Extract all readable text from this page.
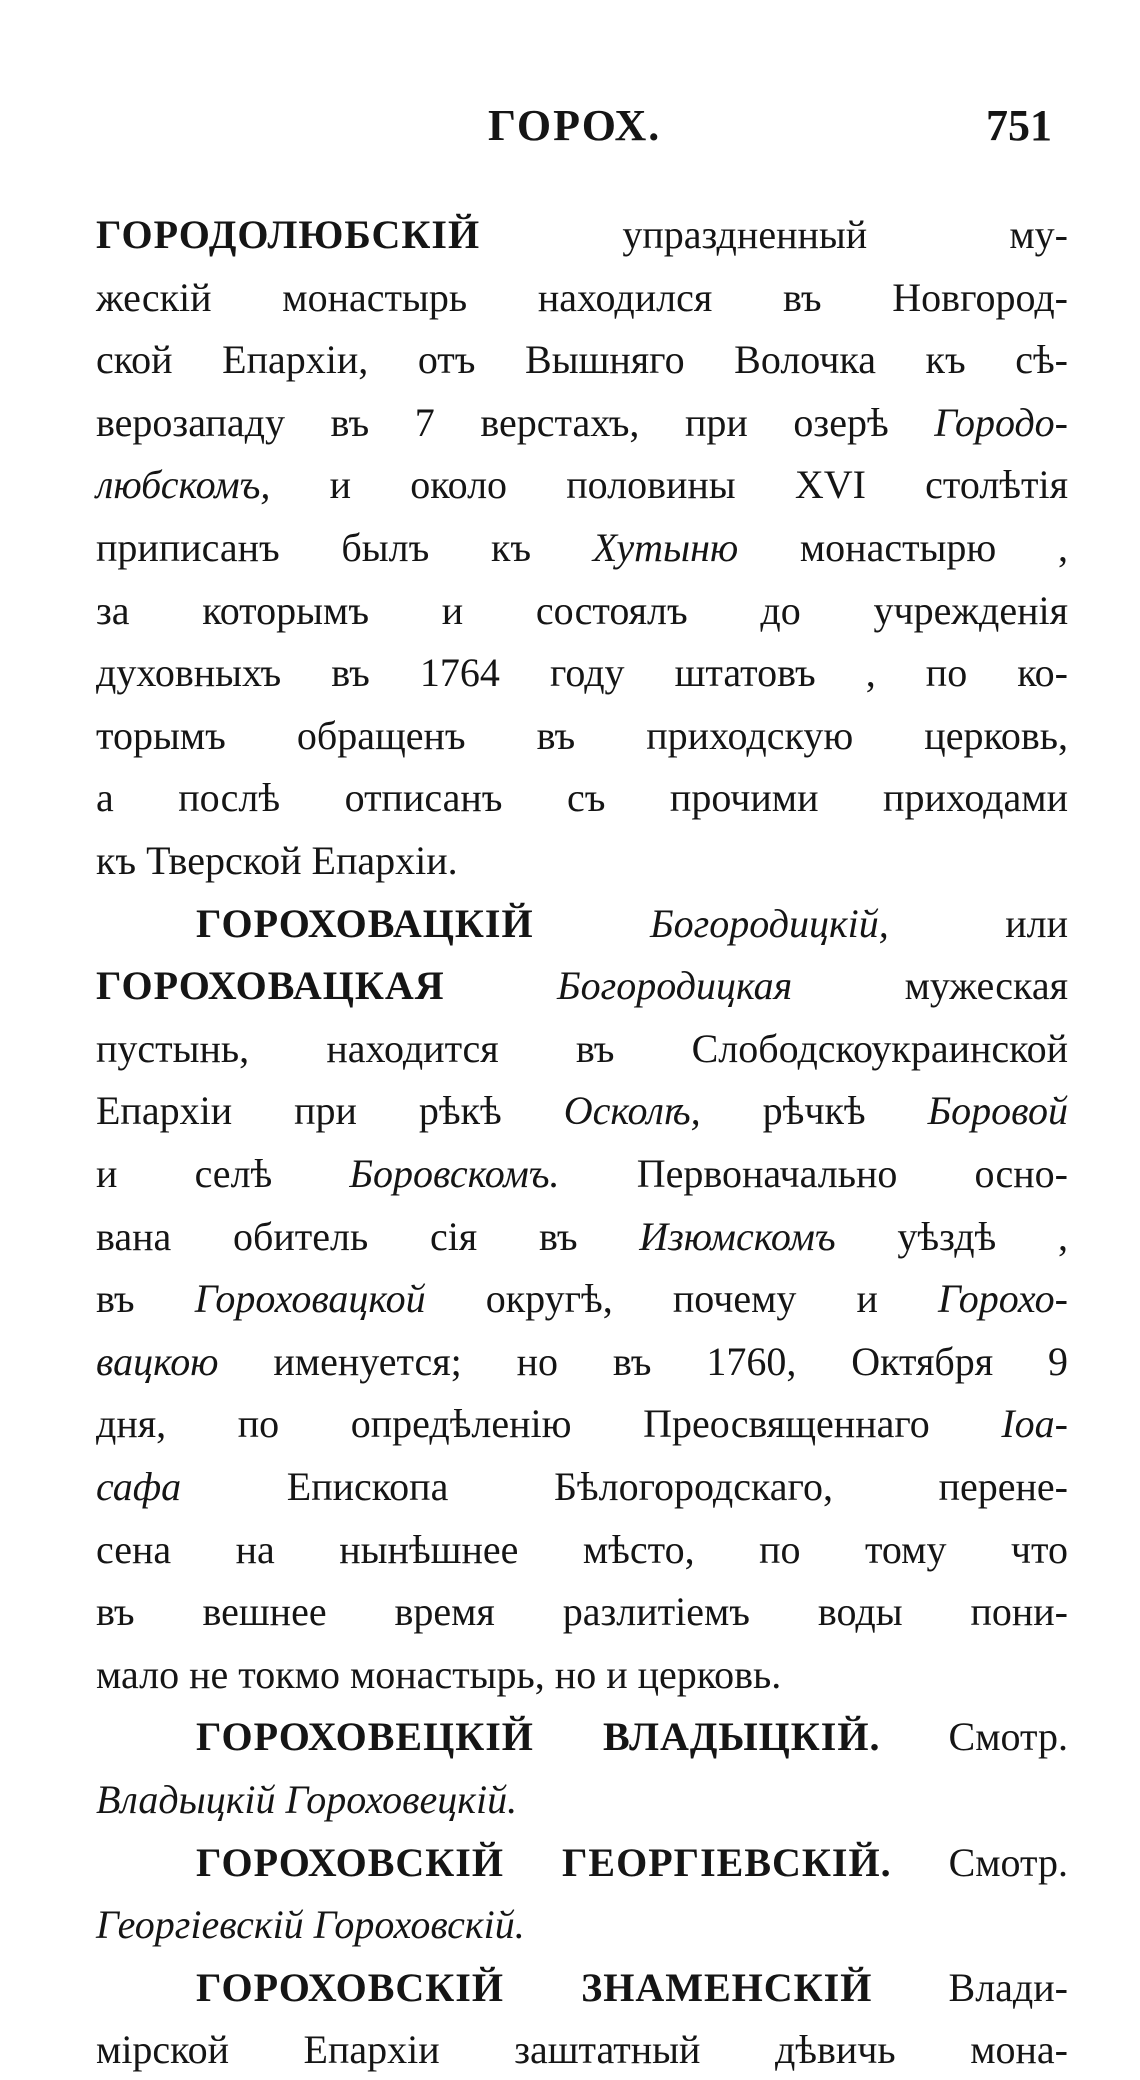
ГОРОХ.	751
ГОРОДОЛЮБСКІЙ упраздненный му-
жескій монастырь находился въ Новгород-
ской Епархіи, отъ Вышняго Волочка къ сѣ-
верозападу въ 7 верстахъ, при озерѣ Городо-
любскомъ, и около половины XVI столѣтія
приписанъ былъ къ Хутыню монастырю ,
за которымъ и состоялъ до учрежденія
духовныхъ въ 1764 году штатовъ , по ко-
торымъ обращенъ въ приходскую церковь,
а послѣ отписанъ съ прочими приходами
къ Тверской Епархіи.
ГОРОХОВАЦКІЙ Богородицкій, или
ГОРОХОВАЦКАЯ Богородицкая мужеская
пустынь, находится въ Слободскоукраинской
Епархіи при рѣкѣ Осколѣ, рѣчкѣ Боровой
и селѣ Боровскомъ. Первоначально осно-
вана обитель сія въ Изюмскомъ уѣздѣ ,
въ Гороховацкой округѣ, почему и Горохо-
вацкою именуется; но въ 1760, Октября 9
дня, по опредѣленію Преосвященнаго Іоа-
сафа Епископа Бѣлогородскаго, перене-
сена на нынѣшнее мѣсто, по тому что
въ вешнее время разлитіемъ воды пони-
мало не токмо монастырь, но и церковь.
ГОРОХОВЕЦКІЙ ВЛАДЫЦКІЙ. Смотр.
Владыцкій Гороховецкій.
ГОРОХОВСКІЙ ГЕОРГІЕВСКІЙ. Смотр.
Георгіевскій Гороховскій.
ГОРОХОВСКІЙ ЗНАМЕНСКІЙ Влади-
мірской Епархіи заштатный дѣвичь мона-
